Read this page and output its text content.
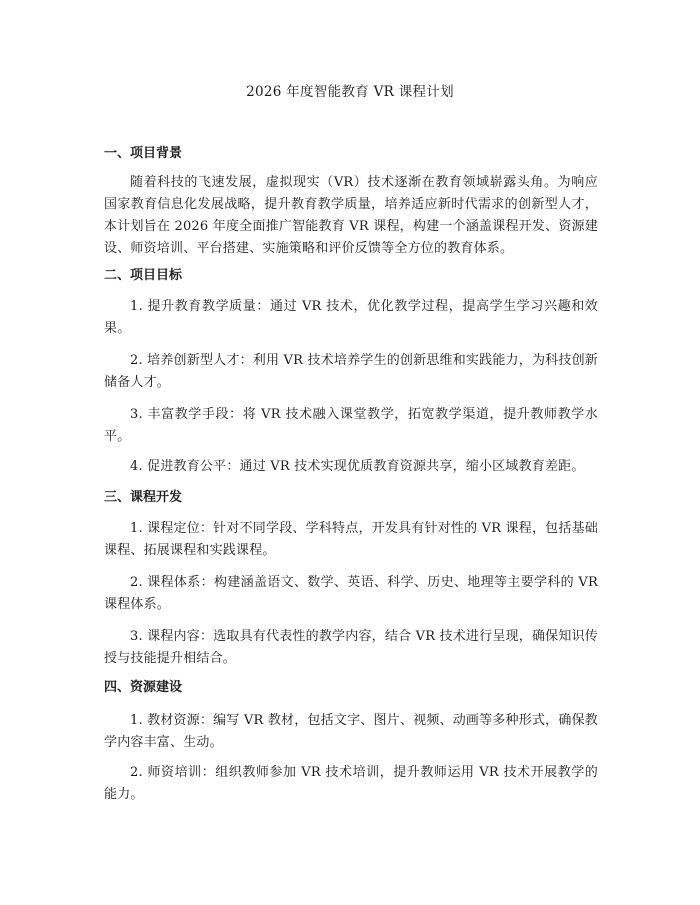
2026 年度智能教育 VR 课程计划
一、项目背景
随着科技的飞速发展，虚拟现实（VR）技术逐渐在教育领域崭露头角。为响应国家教育信息化发展战略，提升教育教学质量，培养适应新时代需求的创新型人才，本计划旨在 2026 年度全面推广智能教育 VR 课程，构建一个涵盖课程开发、资源建设、师资培训、平台搭建、实施策略和评价反馈等全方位的教育体系。
二、项目目标
1. 提升教育教学质量：通过 VR 技术，优化教学过程，提高学生学习兴趣和效果。
2. 培养创新型人才：利用 VR 技术培养学生的创新思维和实践能力，为科技创新储备人才。
3. 丰富教学手段：将 VR 技术融入课堂教学，拓宽教学渠道，提升教师教学水平。
4. 促进教育公平：通过 VR 技术实现优质教育资源共享，缩小区域教育差距。
三、课程开发
1. 课程定位：针对不同学段、学科特点，开发具有针对性的 VR 课程，包括基础课程、拓展课程和实践课程。
2. 课程体系：构建涵盖语文、数学、英语、科学、历史、地理等主要学科的 VR 课程体系。
3. 课程内容：选取具有代表性的教学内容，结合 VR 技术进行呈现，确保知识传授与技能提升相结合。
四、资源建设
1. 教材资源：编写 VR 教材，包括文字、图片、视频、动画等多种形式，确保教学内容丰富、生动。
2. 师资培训：组织教师参加 VR 技术培训，提升教师运用 VR 技术开展教学的能力。
